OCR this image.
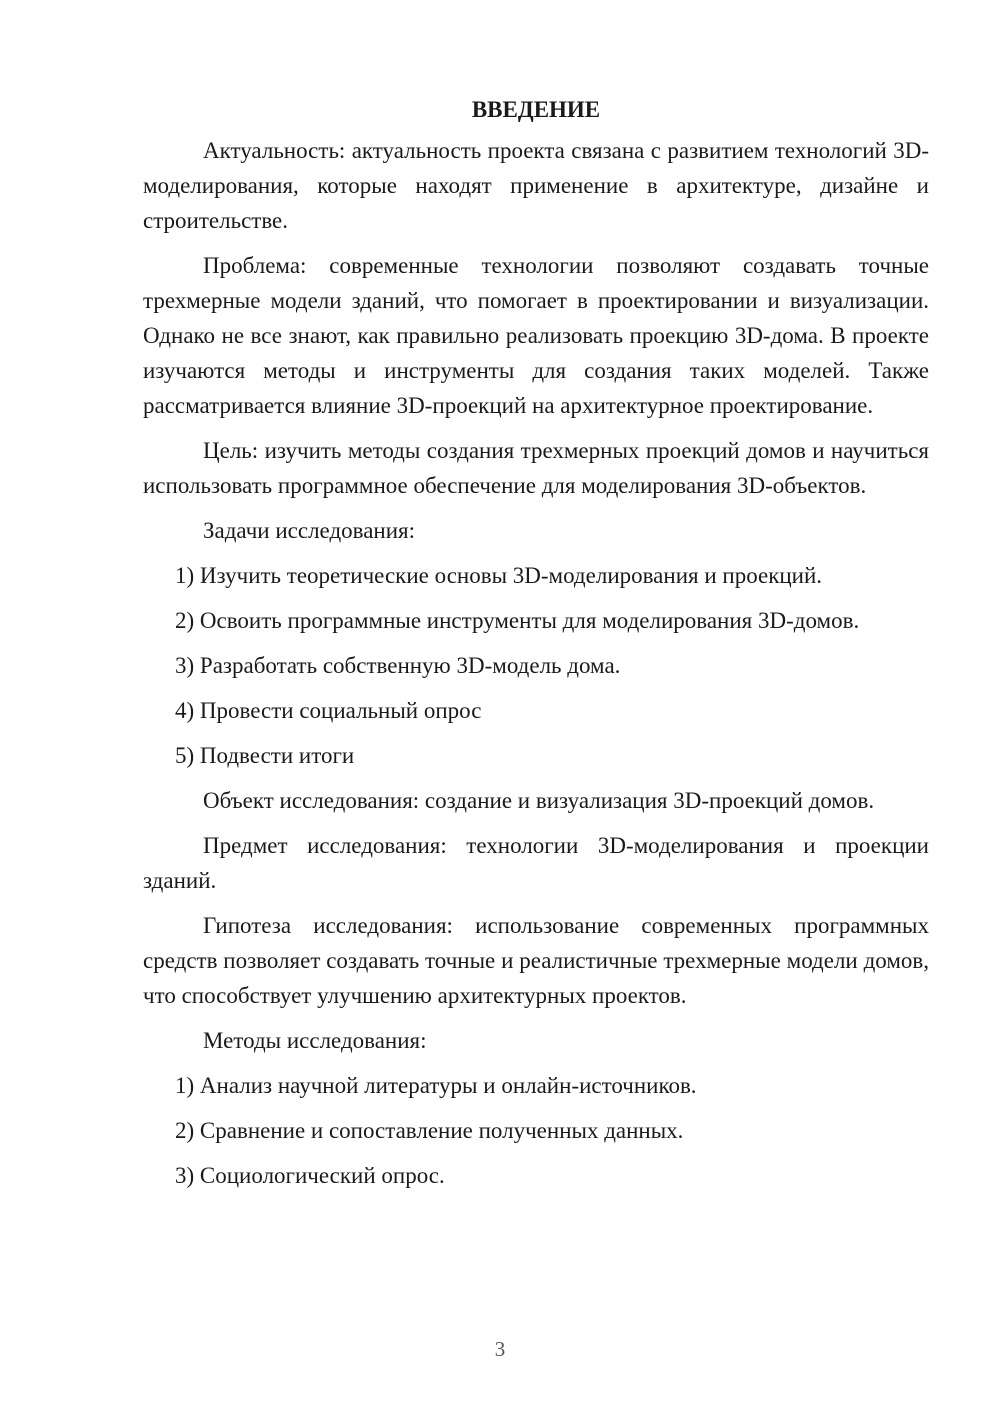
ВВЕДЕНИЕ

Актуальность: актуальность проекта связана с развитием технологий 3D-моделирования, которые находят применение в архитектуре, дизайне и строительстве.

Проблема: современные технологии позволяют создавать точные трехмерные модели зданий, что помогает в проектировании и визуализации. Однако не все знают, как правильно реализовать проекцию 3D-дома. В проекте изучаются методы и инструменты для создания таких моделей. Также рассматривается влияние 3D-проекций на архитектурное проектирование.

Цель: изучить методы создания трехмерных проекций домов и научиться использовать программное обеспечение для моделирования 3D-объектов.

Задачи исследования:

1) Изучить теоретические основы 3D-моделирования и проекций.

2) Освоить программные инструменты для моделирования 3D-домов.

3) Разработать собственную 3D-модель дома.

4) Провести социальный опрос

5) Подвести итоги

Объект исследования: создание и визуализация 3D-проекций домов.

Предмет исследования: технологии 3D-моделирования и проекции зданий.

Гипотеза исследования: использование современных программных средств позволяет создавать точные и реалистичные трехмерные модели домов, что способствует улучшению архитектурных проектов.

Методы исследования:

1) Анализ научной литературы и онлайн-источников.

2) Сравнение и сопоставление полученных данных.

3) Социологический опрос.

3
